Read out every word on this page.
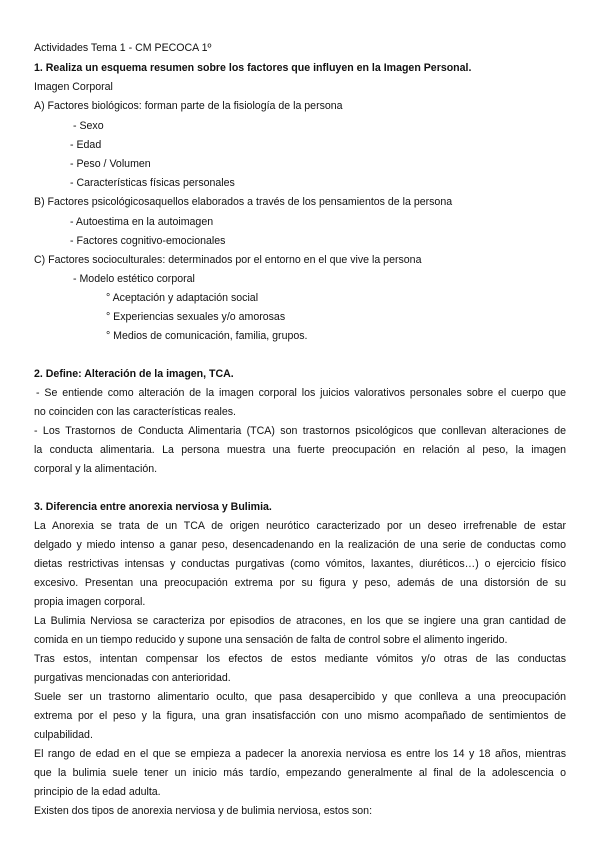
Actividades Tema 1 - CM PECOCA 1º

1. Realiza un esquema resumen sobre los factores que influyen en la Imagen Personal.

Imagen Corporal

A) Factores biológicos: forman parte de la fisiología de la persona

- Sexo

- Edad

- Peso / Volumen

- Características físicas personales

B) Factores psicológicosaquellos elaborados a través de los pensamientos de la persona

- Autoestima en la autoimagen

- Factores cognitivo-emocionales

C) Factores socioculturales: determinados por el entorno en el que vive la persona

- Modelo estético corporal

° Aceptación y adaptación social

° Experiencias sexuales y/o amorosas

° Medios de comunicación, familia, grupos.

2. Define: Alteración de la imagen, TCA.

- Se entiende como alteración de la imagen corporal los juicios valorativos personales sobre el cuerpo que

no coinciden con las características reales.

- Los Trastornos de Conducta Alimentaria (TCA) son trastornos psicológicos que conllevan alteraciones de

la conducta alimentaria. La persona muestra una fuerte preocupación en relación al peso, la imagen

corporal y la alimentación.

3. Diferencia entre anorexia nerviosa y Bulimia.

La Anorexia se trata de un TCA de origen neurótico caracterizado por un deseo irrefrenable de estar

delgado y miedo intenso a ganar peso, desencadenando en la realización de una serie de conductas como

dietas restrictivas intensas y conductas purgativas (como vómitos, laxantes, diuréticos…) o ejercicio físico

excesivo. Presentan una preocupación extrema por su figura y peso, además de una distorsión de su

propia imagen corporal.

La Bulimia Nerviosa se caracteriza por episodios de atracones, en los que se ingiere una gran cantidad de

comida en un tiempo reducido y supone una sensación de falta de control sobre el alimento ingerido.

Tras estos, intentan compensar los efectos de estos mediante vómitos y/o otras de las conductas

purgativas mencionadas con anterioridad.

Suele ser un trastorno alimentario oculto, que pasa desapercibido y que conlleva a una preocupación

extrema por el peso y la figura, una gran insatisfacción con uno mismo acompañado de sentimientos de

culpabilidad.

El rango de edad en el que se empieza a padecer la anorexia nerviosa es entre los 14 y 18 años, mientras

que la bulimia suele tener un inicio más tardío, empezando generalmente al final de la adolescencia o

principio de la edad adulta.

Existen dos tipos de anorexia nerviosa y de bulimia nerviosa, estos son:
